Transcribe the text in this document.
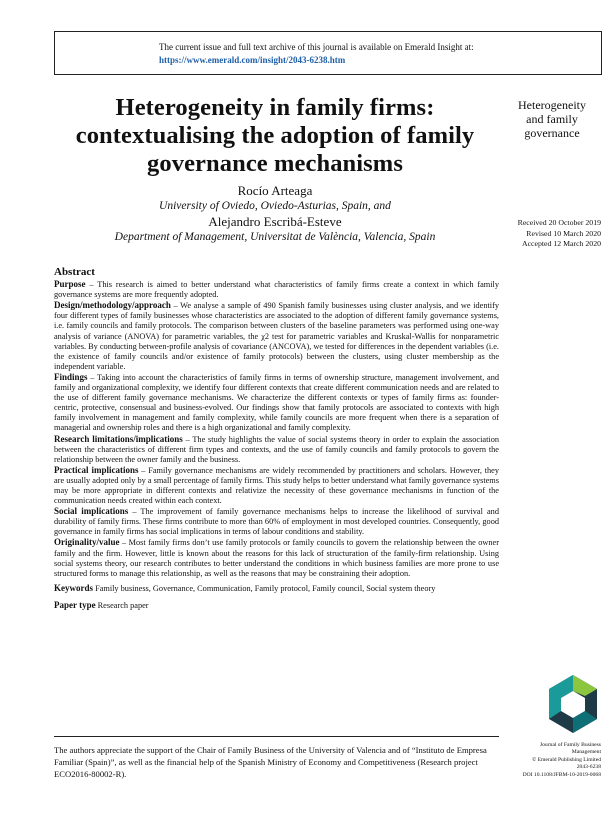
The current issue and full text archive of this journal is available on Emerald Insight at:
https://www.emerald.com/insight/2043-6238.htm
Heterogeneity in family firms: contextualising the adoption of family governance mechanisms
Rocío Arteaga
University of Oviedo, Oviedo-Asturias, Spain, and
Alejandro Escribá-Esteve
Department of Management, Universitat de València, Valencia, Spain
Heterogeneity
and family
governance
Received 20 October 2019
Revised 10 March 2020
Accepted 12 March 2020
Abstract

Purpose – This research is aimed to better understand what characteristics of family firms create a context in which family governance systems are more frequently adopted.

Design/methodology/approach – We analyse a sample of 490 Spanish family businesses using cluster analysis, and we identify four different types of family businesses whose characteristics are associated to the adoption of different family governance systems, i.e. family councils and family protocols. The comparison between clusters of the baseline parameters was performed using one-way analysis of variance (ANOVA) for parametric variables, the χ2 test for parametric variables and Kruskal-Wallis for nonparametric variables. By conducting between-profile analysis of covariance (ANCOVA), we tested for differences in the dependent variables (i.e. the existence of family councils and/or existence of family protocols) between the clusters, using cluster membership as the independent variable.

Findings – Taking into account the characteristics of family firms in terms of ownership structure, management involvement, and family and organizational complexity, we identify four different contexts that create different communication needs and are related to the use of different family governance mechanisms. We characterize the different contexts or types of family firms as: founder-centric, protective, consensual and business-evolved. Our findings show that family protocols are associated to contexts with high family involvement in management and family complexity, while family councils are more frequent when there is a separation of managerial and ownership roles and there is a high organizational and family complexity.

Research limitations/implications – The study highlights the value of social systems theory in order to explain the association between the characteristics of different firm types and contexts, and the use of family councils and family protocols to govern the relationship between the owner family and the business.

Practical implications – Family governance mechanisms are widely recommended by practitioners and scholars. However, they are usually adopted only by a small percentage of family firms. This study helps to better understand what family governance systems may be more appropriate in different contexts and relativize the necessity of these governance mechanisms in function of the communication needs created within each context.

Social implications – The improvement of family governance mechanisms helps to increase the likelihood of survival and durability of family firms. These firms contribute to more than 60% of employment in most developed countries. Consequently, good governance in family firms has social implications in terms of labour conditions and stability.

Originality/value – Most family firms don’t use family protocols or family councils to govern the relationship between the owner family and the firm. However, little is known about the reasons for this lack of structuration of the family-firm relationship. Using social systems theory, our research contributes to better understand the conditions in which business families are more prone to use structured forms to manage this relationship, as well as the reasons that may be constraining their adoption.

Keywords Family business, Governance, Communication, Family protocol, Family council, Social system theory

Paper type Research paper

Journal of Family Business
Management
© Emerald Publishing Limited
2043-6238
DOI 10.1108/JFBM-10-2019-0068
The authors appreciate the support of the Chair of Family Business of the University of Valencia and of “Instituto de Empresa Familiar (Spain)”, as well as the financial help of the Spanish Ministry of Economy and Competitiveness (Research project ECO2016-80002-R).
